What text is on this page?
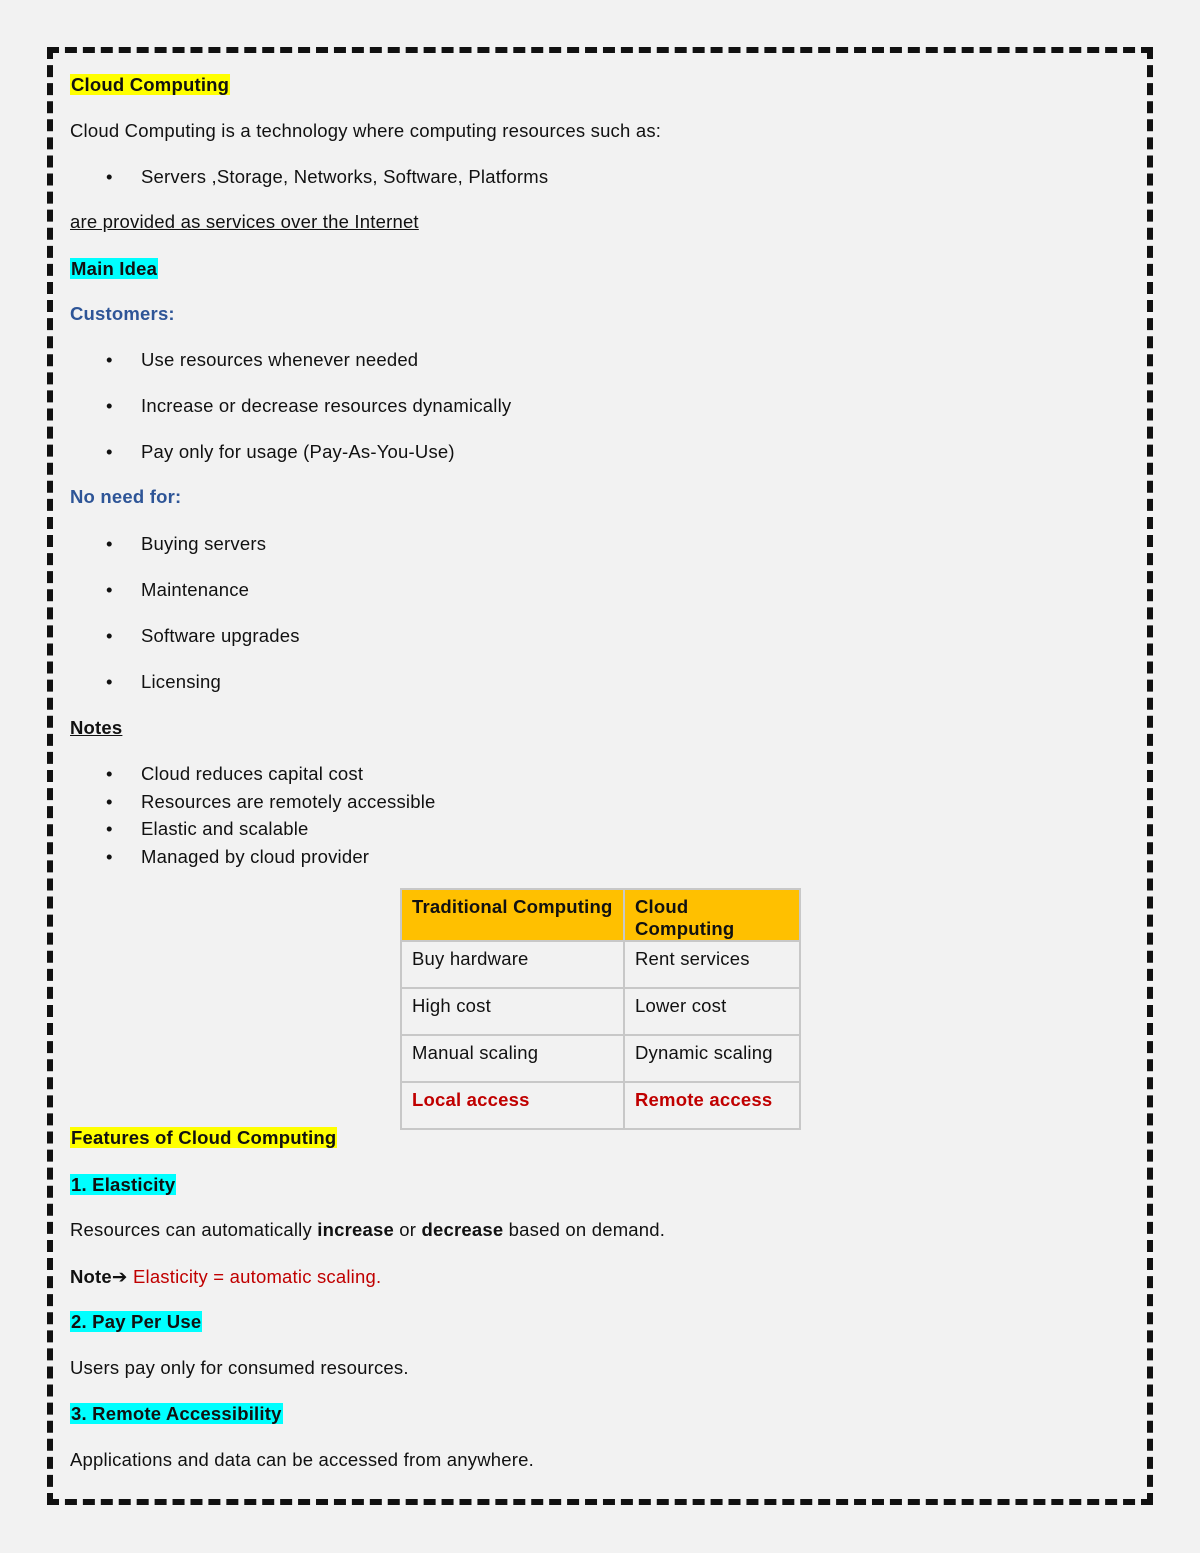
Cloud Computing
Cloud Computing is a technology where computing resources such as:
• Servers ,Storage, Networks, Software, Platforms
are provided as services over the Internet
Main Idea
Customers:
• Use resources whenever needed
• Increase or decrease resources dynamically
• Pay only for usage (Pay-As-You-Use)
No need for:
• Buying servers
• Maintenance
• Software upgrades
• Licensing
Notes
• Cloud reduces capital cost
• Resources are remotely accessible
• Elastic and scalable
• Managed by cloud provider
Traditional Computing	Cloud Computing
Buy hardware	Rent services
High cost	Lower cost
Manual scaling	Dynamic scaling
Local access	Remote access
Features of Cloud Computing
1. Elasticity
Resources can automatically increase or decrease based on demand.
Note➔ Elasticity = automatic scaling.
2. Pay Per Use
Users pay only for consumed resources.
3. Remote Accessibility
Applications and data can be accessed from anywhere.
